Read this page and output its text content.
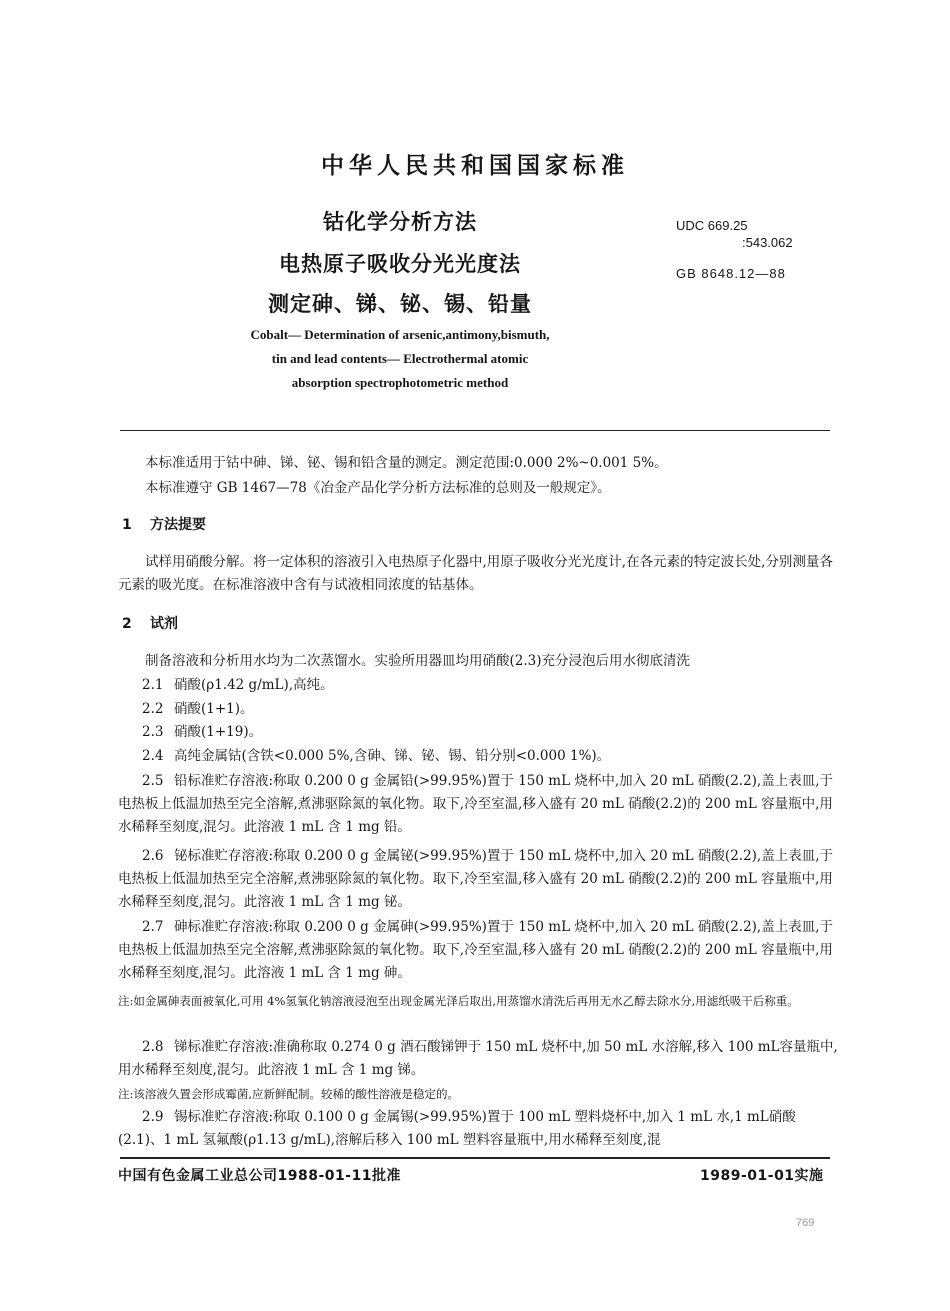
中华人民共和国国家标准
钴化学分析方法
电热原子吸收分光光度法
测定砷、锑、铋、锡、铅量
UDC 669.25
:543.062
GB 8648.12—88
Cobalt— Determination of arsenic,antimony,bismuth,
tin and lead contents— Electrothermal atomic
absorption spectrophotometric method
本标准适用于钴中砷、锑、铋、锡和铅含量的测定。测定范围:0.000 2%~0.001 5%。
本标准遵守 GB 1467—78《冶金产品化学分析方法标准的总则及一般规定》。
1 方法提要
试样用硝酸分解。将一定体积的溶液引入电热原子化器中,用原子吸收分光光度计,在各元素的特定波长处,分别测量各元素的吸光度。在标准溶液中含有与试液相同浓度的钴基体。
2 试剂
制备溶液和分析用水均为二次蒸馏水。实验所用器皿均用硝酸(2.3)充分浸泡后用水彻底清洗
2.1 硝酸(ρ1.42 g/mL),高纯。
2.2 硝酸(1+1)。
2.3 硝酸(1+19)。
2.4 高纯金属钴(含铁<0.000 5%,含砷、锑、铋、锡、铅分别<0.000 1%)。
2.5 铅标准贮存溶液:称取 0.200 0 g 金属铅(>99.95%)置于 150 mL 烧杯中,加入 20 mL 硝酸(2.2),盖上表皿,于电热板上低温加热至完全溶解,煮沸驱除氮的氧化物。取下,冷至室温,移入盛有 20 mL 硝酸(2.2)的 200 mL 容量瓶中,用水稀释至刻度,混匀。此溶液 1 mL 含 1 mg 铅。
2.6 铋标准贮存溶液:称取 0.200 0 g 金属铋(>99.95%)置于 150 mL 烧杯中,加入 20 mL 硝酸(2.2),盖上表皿,于电热板上低温加热至完全溶解,煮沸驱除氮的氧化物。取下,冷至室温,移入盛有 20 mL 硝酸(2.2)的 200 mL 容量瓶中,用水稀释至刻度,混匀。此溶液 1 mL 含 1 mg 铋。
2.7 砷标准贮存溶液:称取 0.200 0 g 金属砷(>99.95%)置于 150 mL 烧杯中,加入 20 mL 硝酸(2.2),盖上表皿,于电热板上低温加热至完全溶解,煮沸驱除氮的氧化物。取下,冷至室温,移入盛有 20 mL 硝酸(2.2)的 200 mL 容量瓶中,用水稀释至刻度,混匀。此溶液 1 mL 含 1 mg 砷。
注:如金属砷表面被氧化,可用 4%氢氧化钠溶液浸泡至出现金属光泽后取出,用蒸馏水清洗后再用无水乙醇去除水分,用滤纸吸干后称重。
2.8 锑标准贮存溶液:准确称取 0.274 0 g 酒石酸锑钾于 150 mL 烧杯中,加 50 mL 水溶解,移入 100 mL容量瓶中,用水稀释至刻度,混匀。此溶液 1 mL 含 1 mg 锑。
注:该溶液久置会形成霉菌,应新鲜配制。较稀的酸性溶液是稳定的。
2.9 锡标准贮存溶液:称取 0.100 0 g 金属锡(>99.95%)置于 100 mL 塑料烧杯中,加入 1 mL 水,1 mL硝酸(2.1)、1 mL 氢氟酸(ρ1.13 g/mL),溶解后移入 100 mL 塑料容量瓶中,用水稀释至刻度,混
中国有色金属工业总公司1988-01-11批准	1989-01-01实施
769
